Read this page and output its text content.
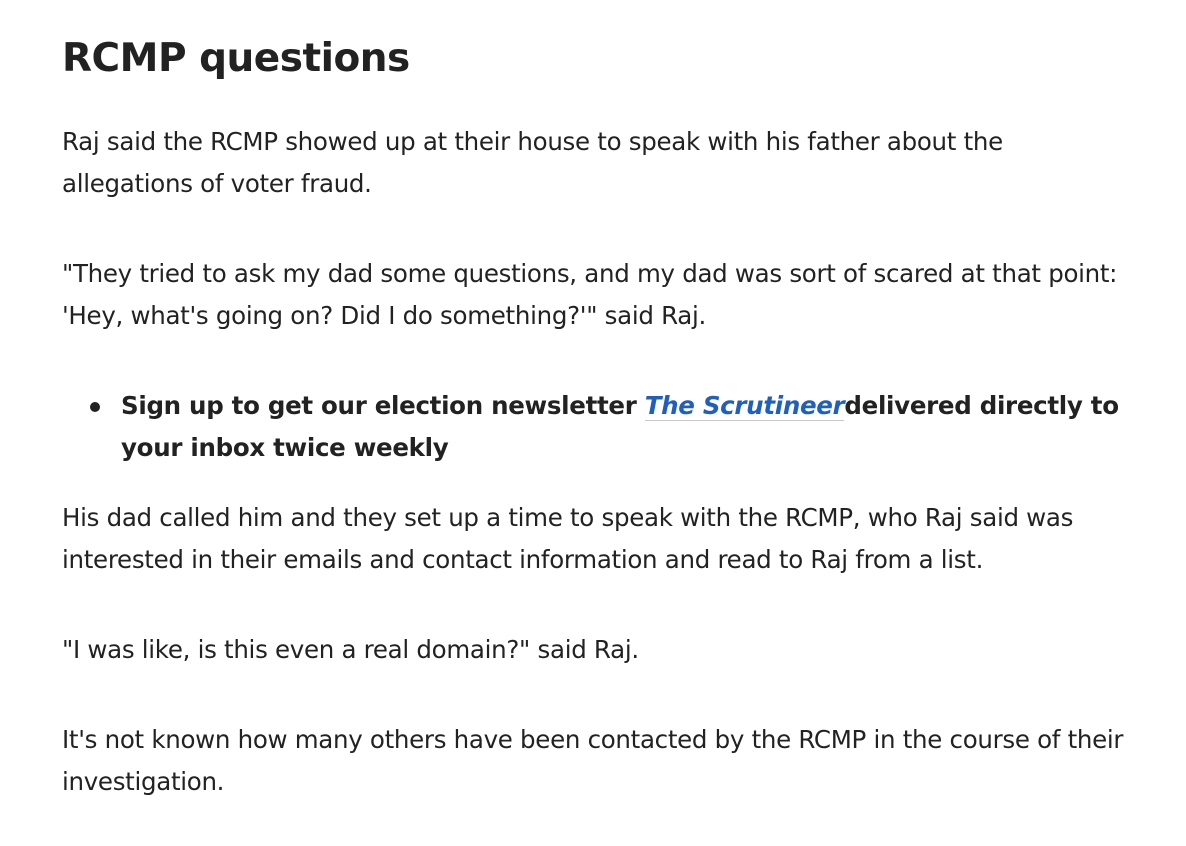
RCMP questions

Raj said the RCMP showed up at their house to speak with his father about the allegations of voter fraud.

"They tried to ask my dad some questions, and my dad was sort of scared at that point: 'Hey, what's going on? Did I do something?'" said Raj.

Sign up to get our election newsletter The Scrutineerdelivered directly to your inbox twice weekly

His dad called him and they set up a time to speak with the RCMP, who Raj said was interested in their emails and contact information and read to Raj from a list.

"I was like, is this even a real domain?" said Raj.

It's not known how many others have been contacted by the RCMP in the course of their investigation.
